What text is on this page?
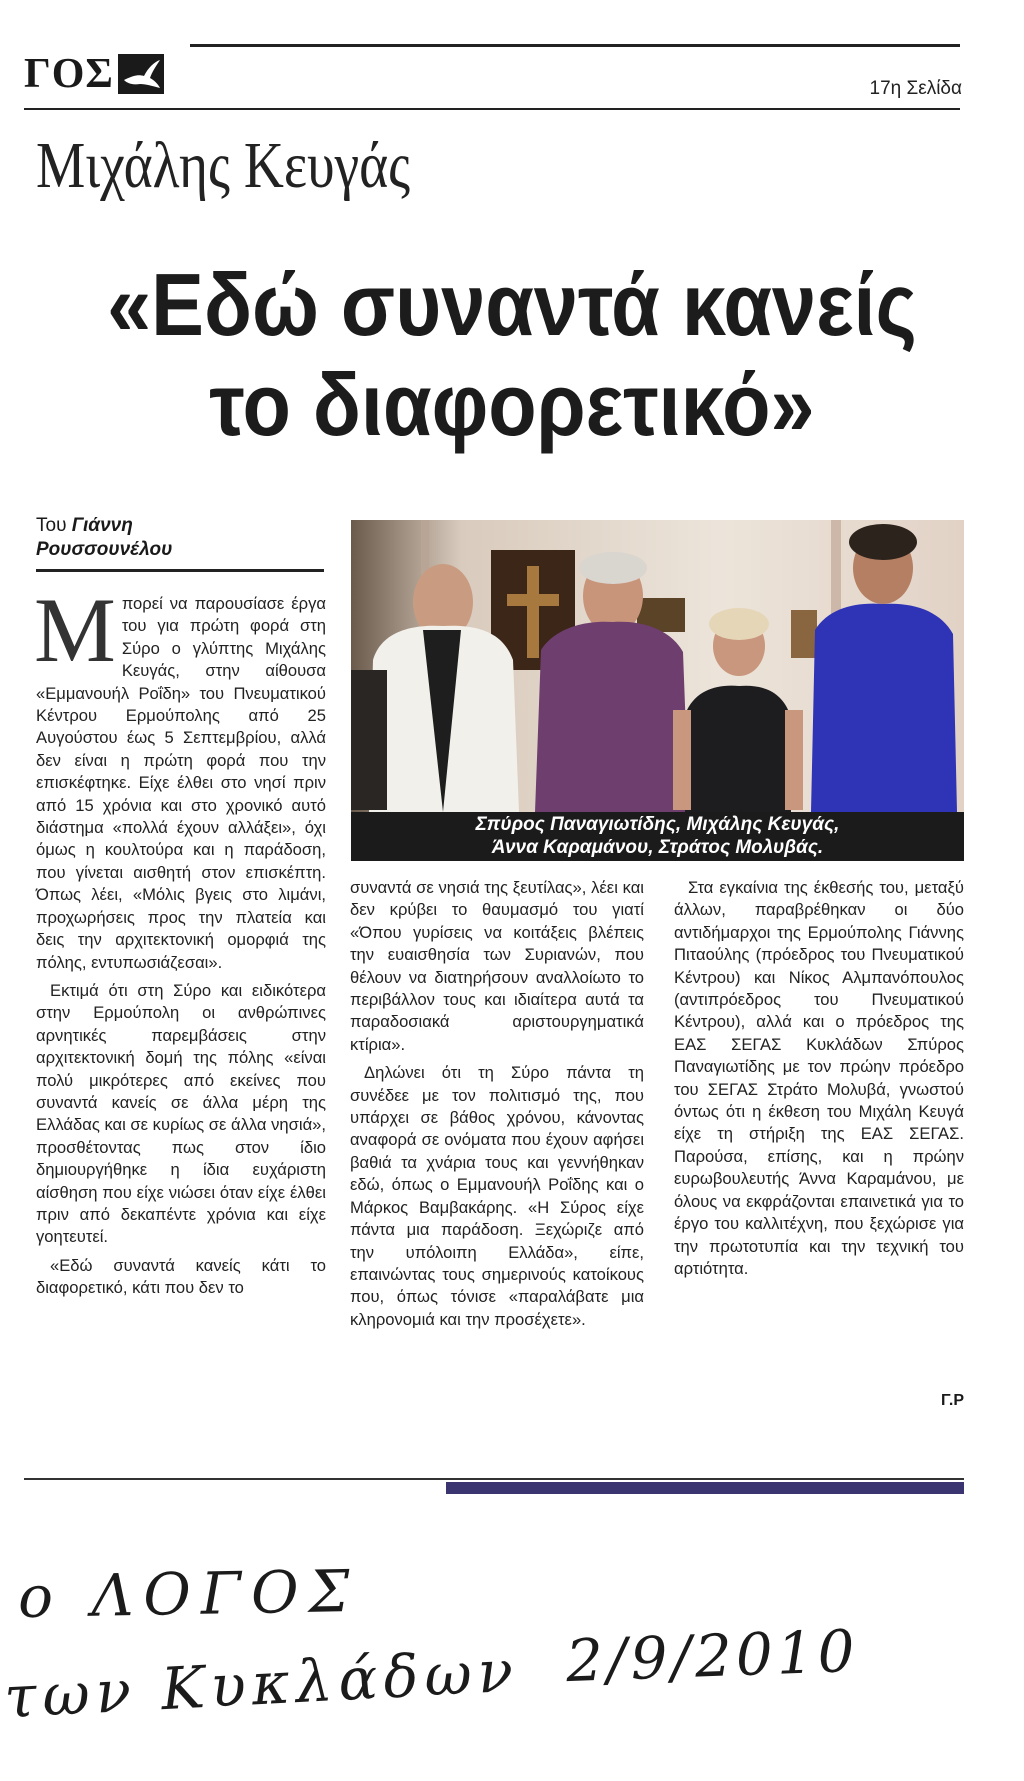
ΓΟΣ	17η Σελίδα
Μιχάλης Κευγάς
«Εδώ συναντά κανείς το διαφορετικό»
Του Γιάννη
Ρουσσουνέλου
Σπύρος Παναγιωτίδης, Μιχάλης Κευγάς,
Άννα Καραμάνου, Στράτος Μολυβάς.

Μπορεί να παρουσίασε έργα του για πρώτη φορά στη Σύρο ο γλύπτης Μιχάλης Κευγάς, στην αίθουσα «Εμμανουήλ Ροΐδη» του Πνευματικού Κέντρου Ερμούπολης από 25 Αυγούστου έως 5 Σεπτεμβρίου, αλλά δεν είναι η πρώτη φορά που την επισκέφτηκε. Είχε έλθει στο νησί πριν από 15 χρόνια και στο χρονικό αυτό διάστημα «πολλά έχουν αλλάξει», όχι όμως η κουλτούρα και η παράδοση, που γίνεται αισθητή στον επισκέπτη. Όπως λέει, «Μόλις βγεις στο λιμάνι, προχωρήσεις προς την πλατεία και δεις την αρχιτεκτονική ομορφιά της πόλης, εντυπωσιάζεσαι».

Εκτιμά ότι στη Σύρο και ειδικότερα στην Ερμούπολη οι ανθρώπινες αρνητικές παρεμβάσεις στην αρχιτεκτονική δομή της πόλης «είναι πολύ μικρότερες από εκείνες που συναντά κανείς σε άλλα μέρη της Ελλάδας και σε κυρίως σε άλλα νησιά», προσθέτοντας πως στον ίδιο δημιουργήθηκε η ίδια ευχάριστη αίσθηση που είχε νιώσει όταν είχε έλθει πριν από δεκαπέντε χρόνια και είχε γοητευτεί.

«Εδώ συναντά κανείς κάτι το διαφορετικό, κάτι που δεν το

συναντά σε νησιά της ξευτίλας», λέει και δεν κρύβει το θαυμασμό του γιατί «Όπου γυρίσεις να κοιτάξεις βλέπεις την ευαισθησία των Συριανών, που θέλουν να διατηρήσουν αναλλοίωτο το περιβάλλον τους και ιδιαίτερα αυτά τα παραδοσιακά αριστουργηματικά κτίρια».

Δηλώνει ότι τη Σύρο πάντα τη συνέδεε με τον πολιτισμό της, που υπάρχει σε βάθος χρόνου, κάνοντας αναφορά σε ονόματα που έχουν αφήσει βαθιά τα χνάρια τους και γεννήθηκαν εδώ, όπως ο Εμμανουήλ Ροΐδης και ο Μάρκος Βαμβακάρης. «Η Σύρος είχε πάντα μια παράδοση. Ξεχώριζε από την υπόλοιπη Ελλάδα», είπε, επαινώντας τους σημερινούς κατοίκους που, όπως τόνισε «παραλάβατε μια κληρονομιά και την προσέχετε».

Στα εγκαίνια της έκθεσής του, μεταξύ άλλων, παραβρέθηκαν οι δύο αντιδήμαρχοι της Ερμούπολης Γιάννης Πιταούλης (πρόεδρος του Πνευματικού Κέντρου) και Νίκος Αλμπανόπουλος (αντιπρόεδρος του Πνευματικού Κέντρου), αλλά και ο πρόεδρος της ΕΑΣ ΣΕΓΑΣ Κυκλάδων Σπύρος Παναγιωτίδης με τον πρώην πρόεδρο του ΣΕΓΑΣ Στράτο Μολυβά, γνωστού όντως ότι η έκθεση του Μιχάλη Κευγά είχε τη στήριξη της ΕΑΣ ΣΕΓΑΣ. Παρούσα, επίσης, και η πρώην ευρωβουλευτής Άννα Καραμάνου, με όλους να εκφράζονται επαινετικά για το έργο του καλλιτέχνη, που ξεχώρισε για την πρωτοτυπία και την τεχνική του αρτιότητα.

Γ.Ρ
ο ΛΟΓΟΣ
των Κυκλάδων 2/9/2010
